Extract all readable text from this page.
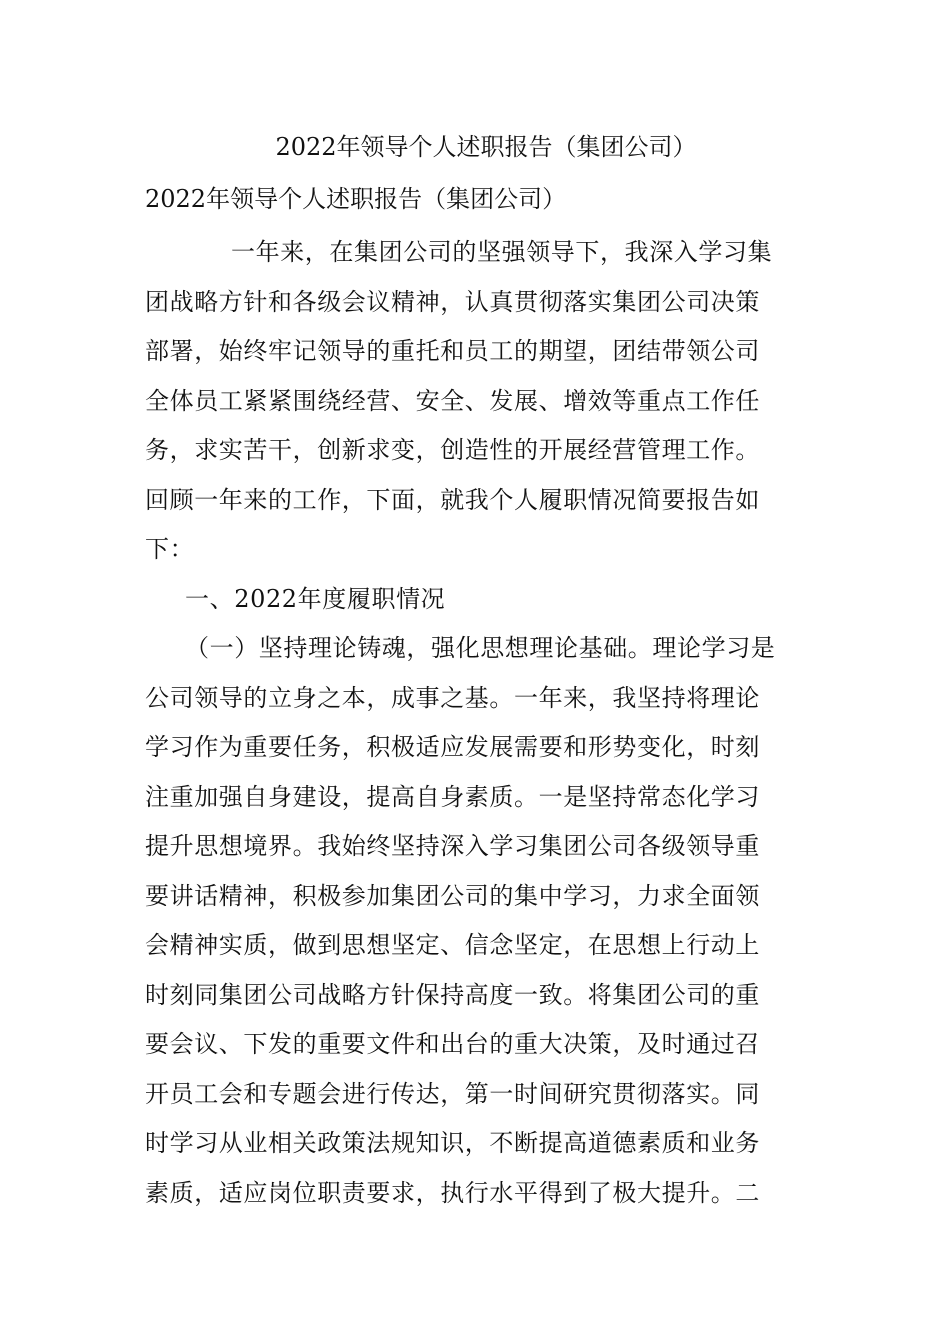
2022年领导个人述职报告（集团公司）
2022年领导个人述职报告（集团公司）
一年来，在集团公司的坚强领导下，我深入学习集
团战略方针和各级会议精神，认真贯彻落实集团公司决策
部署，始终牢记领导的重托和员工的期望，团结带领公司
全体员工紧紧围绕经营、安全、发展、增效等重点工作任
务，求实苦干，创新求变，创造性的开展经营管理工作。
回顾一年来的工作，下面，就我个人履职情况简要报告如
下：
一、2022年度履职情况
（一）坚持理论铸魂，强化思想理论基础。理论学习是
公司领导的立身之本，成事之基。一年来，我坚持将理论
学习作为重要任务，积极适应发展需要和形势变化，时刻
注重加强自身建设，提高自身素质。一是坚持常态化学习
提升思想境界。我始终坚持深入学习集团公司各级领导重
要讲话精神，积极参加集团公司的集中学习，力求全面领
会精神实质，做到思想坚定、信念坚定，在思想上行动上
时刻同集团公司战略方针保持高度一致。将集团公司的重
要会议、下发的重要文件和出台的重大决策，及时通过召
开员工会和专题会进行传达，第一时间研究贯彻落实。同
时学习从业相关政策法规知识，不断提高道德素质和业务
素质，适应岗位职责要求，执行水平得到了极大提升。二
